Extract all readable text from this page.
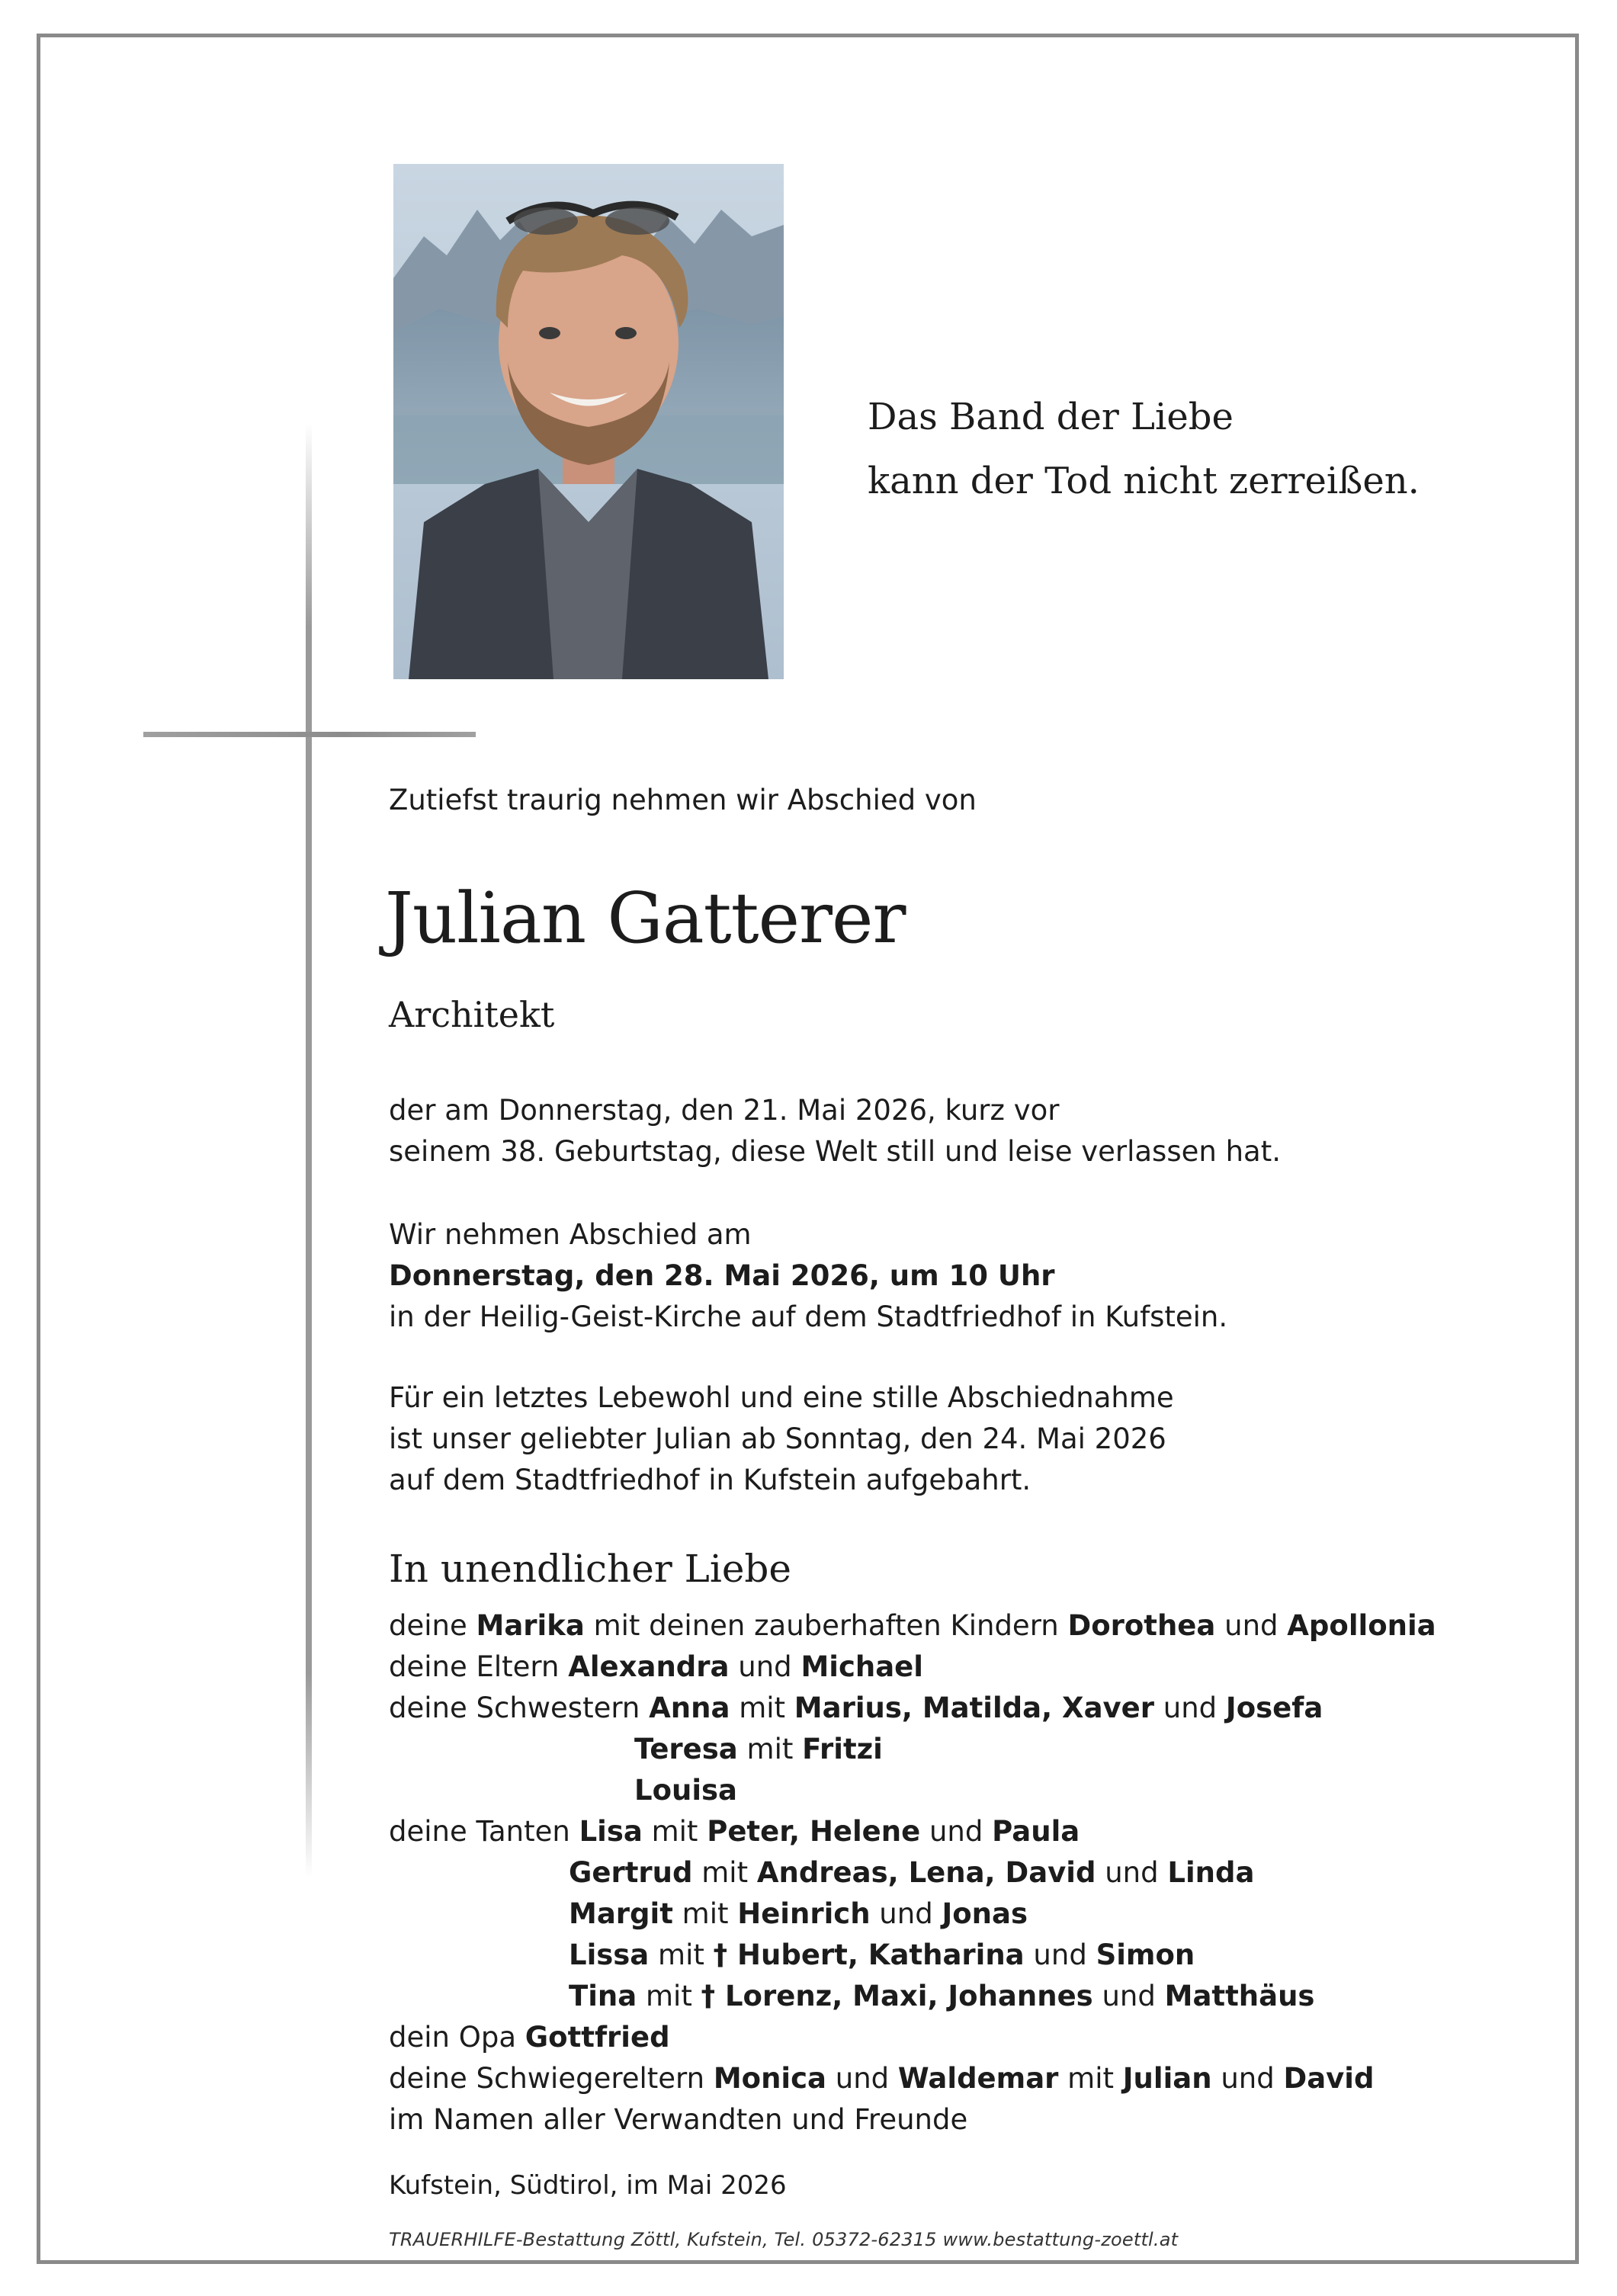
Das Band der Liebe
kann der Tod nicht zerreißen.
Zutiefst traurig nehmen wir Abschied von
Julian Gatterer
Architekt
der am Donnerstag, den 21. Mai 2026, kurz vor
seinem 38. Geburtstag, diese Welt still und leise verlassen hat.
Wir nehmen Abschied am
Donnerstag, den 28. Mai 2026, um 10 Uhr
in der Heilig-Geist-Kirche auf dem Stadtfriedhof in Kufstein.
Für ein letztes Lebewohl und eine stille Abschiednahme
ist unser geliebter Julian ab Sonntag, den 24. Mai 2026
auf dem Stadtfriedhof in Kufstein aufgebahrt.
In unendlicher Liebe
deine Marika mit deinen zauberhaften Kindern Dorothea und Apollonia
deine Eltern Alexandra und Michael
deine Schwestern Anna mit Marius, Matilda, Xaver und Josefa
Teresa mit Fritzi
Louisa
deine Tanten Lisa mit Peter, Helene und Paula
Gertrud mit Andreas, Lena, David und Linda
Margit mit Heinrich und Jonas
Lissa mit † Hubert, Katharina und Simon
Tina mit † Lorenz, Maxi, Johannes und Matthäus
dein Opa Gottfried
deine Schwiegereltern Monica und Waldemar mit Julian und David
im Namen aller Verwandten und Freunde
Kufstein, Südtirol, im Mai 2026
TRAUERHILFE-Bestattung Zöttl, Kufstein, Tel. 05372-62315 www.bestattung-zoettl.at
